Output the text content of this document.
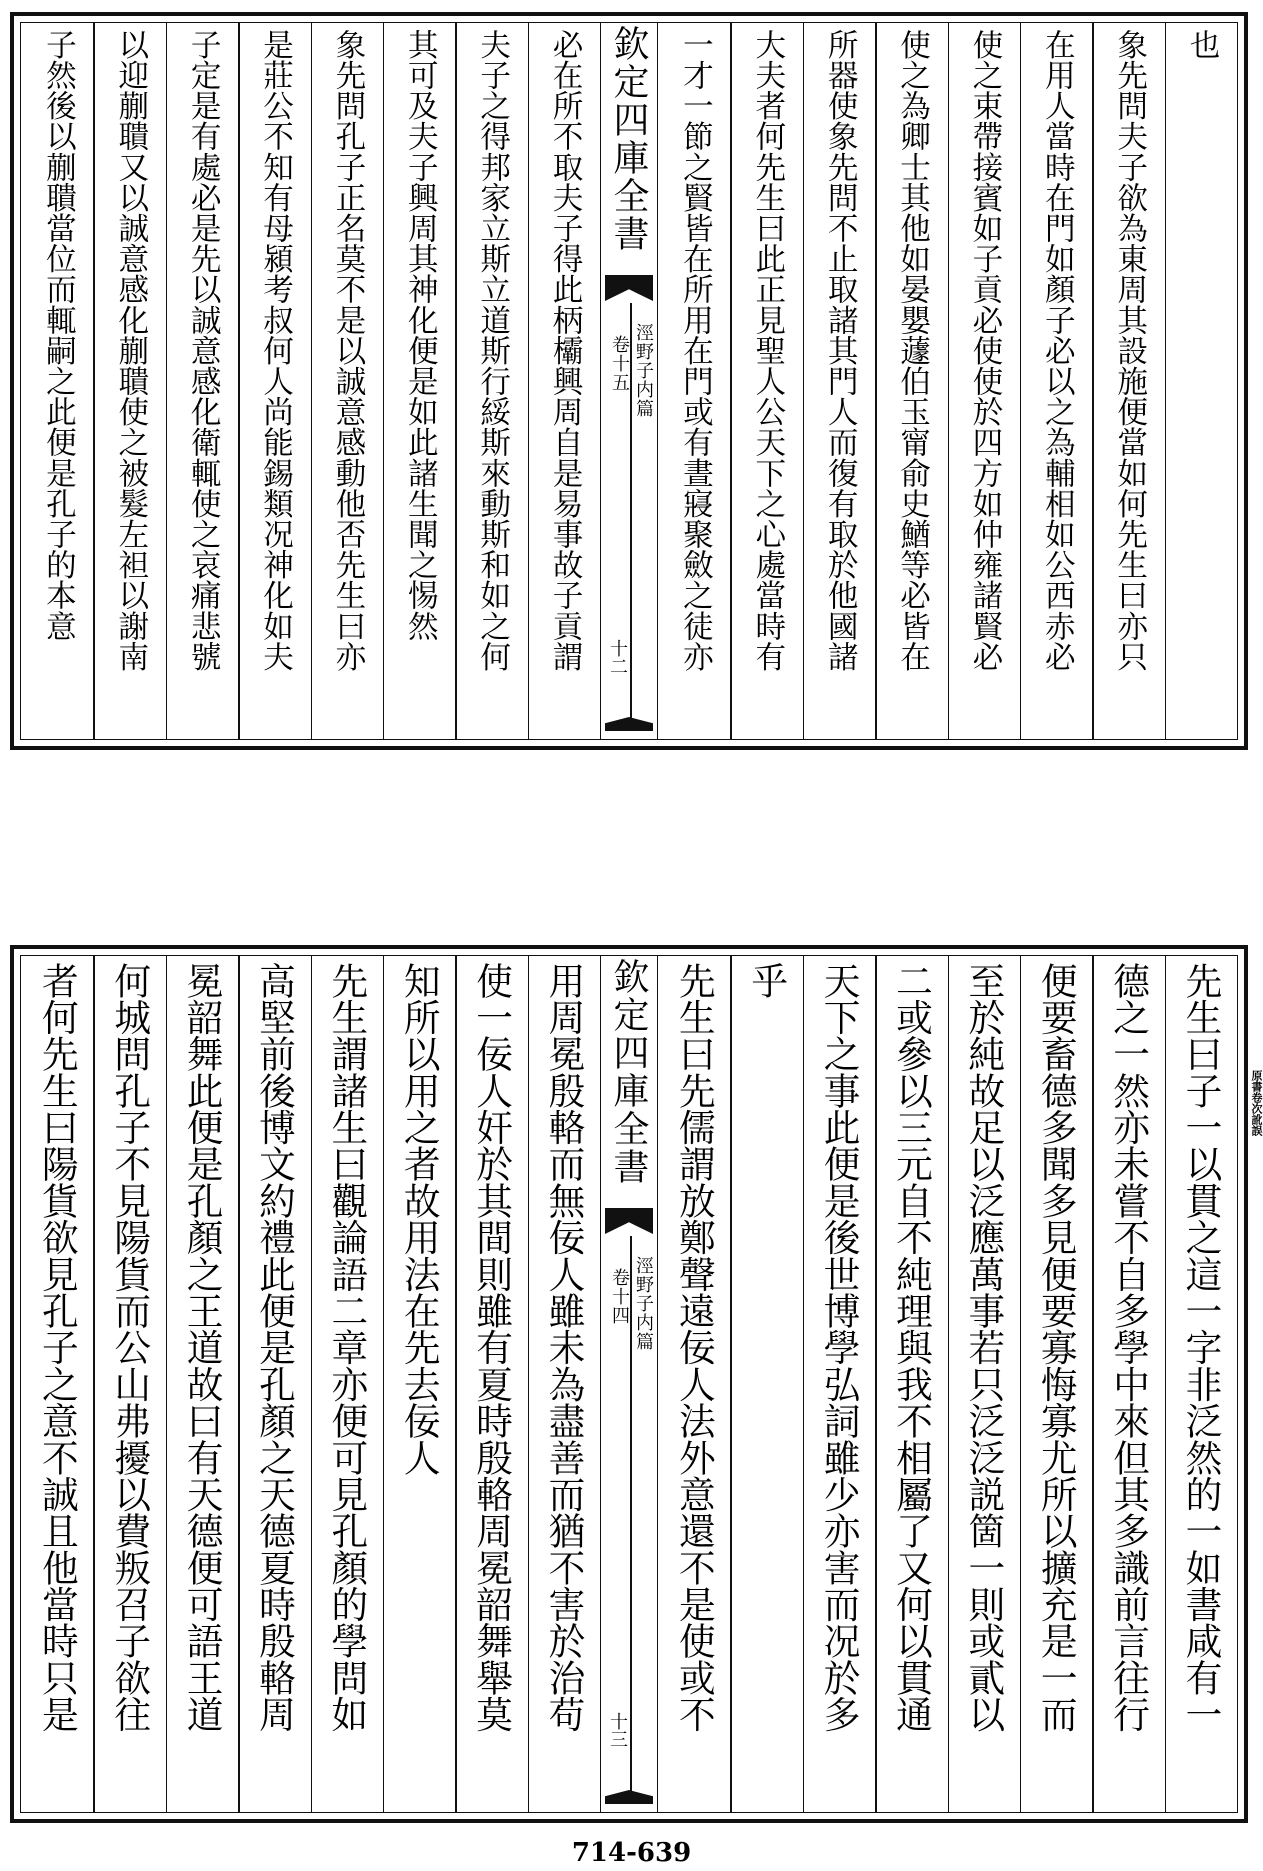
也
象先問夫子欲為東周其設施便當如何先生曰亦只
在用人當時在門如顏子必以之為輔相如公西赤必
使之束帶接賓如子貢必使使於四方如仲雍諸賢必
使之為卿士其他如晏嬰蘧伯玉甯俞史鰌等必皆在
所器使象先問不止取諸其門人而復有取於他國諸
大夫者何先生曰此正見聖人公天下之心處當時有
一才一節之賢皆在所用在門或有晝寢聚斂之徒亦
欽定四庫全書
涇野子内篇
卷十五
十二
必在所不取夫子得此柄欛興周自是易事故子貢謂
夫子之得邦家立斯立道斯行綏斯來動斯和如之何
其可及夫子興周其神化便是如此諸生聞之惕然
象先問孔子正名莫不是以誠意感動他否先生曰亦
是莊公不知有母潁考叔何人尚能錫類况神化如夫
子定是有處必是先以誠意感化衛輒使之哀痛悲號
以迎蒯聵又以誠意感化蒯聵使之被髮左袒以謝南
子然後以蒯聵當位而輒嗣之此便是孔子的本意
先生曰子一以貫之這一字非泛然的一如書咸有一
德之一然亦未嘗不自多學中來但其多識前言往行
便要畜德多聞多見便要寡悔寡尤所以擴充是一而
至於純故足以泛應萬事若只泛泛説箇一則或貳以
二或參以三元自不純理與我不相屬了又何以貫通
天下之事此便是後世博學弘詞雖少亦害而况於多
乎
先生曰先儒謂放鄭聲遠佞人法外意還不是使或不
欽定四庫全書
涇野子内篇
卷十四
十三
用周冕殷輅而無佞人雖未為盡善而猶不害於治苟
使一佞人奸於其間則雖有夏時殷輅周冕韶舞舉莫
知所以用之者故用法在先去佞人
先生謂諸生曰觀論語二章亦便可見孔顏的學問如
高堅前後博文約禮此便是孔顏之天德夏時殷輅周
冕韶舞此便是孔顏之王道故曰有天德便可語王道
何城問孔子不見陽貨而公山弗擾以費叛召子欲往
者何先生曰陽貨欲見孔子之意不誠且他當時只是	原書卷次訛誤
714-639
